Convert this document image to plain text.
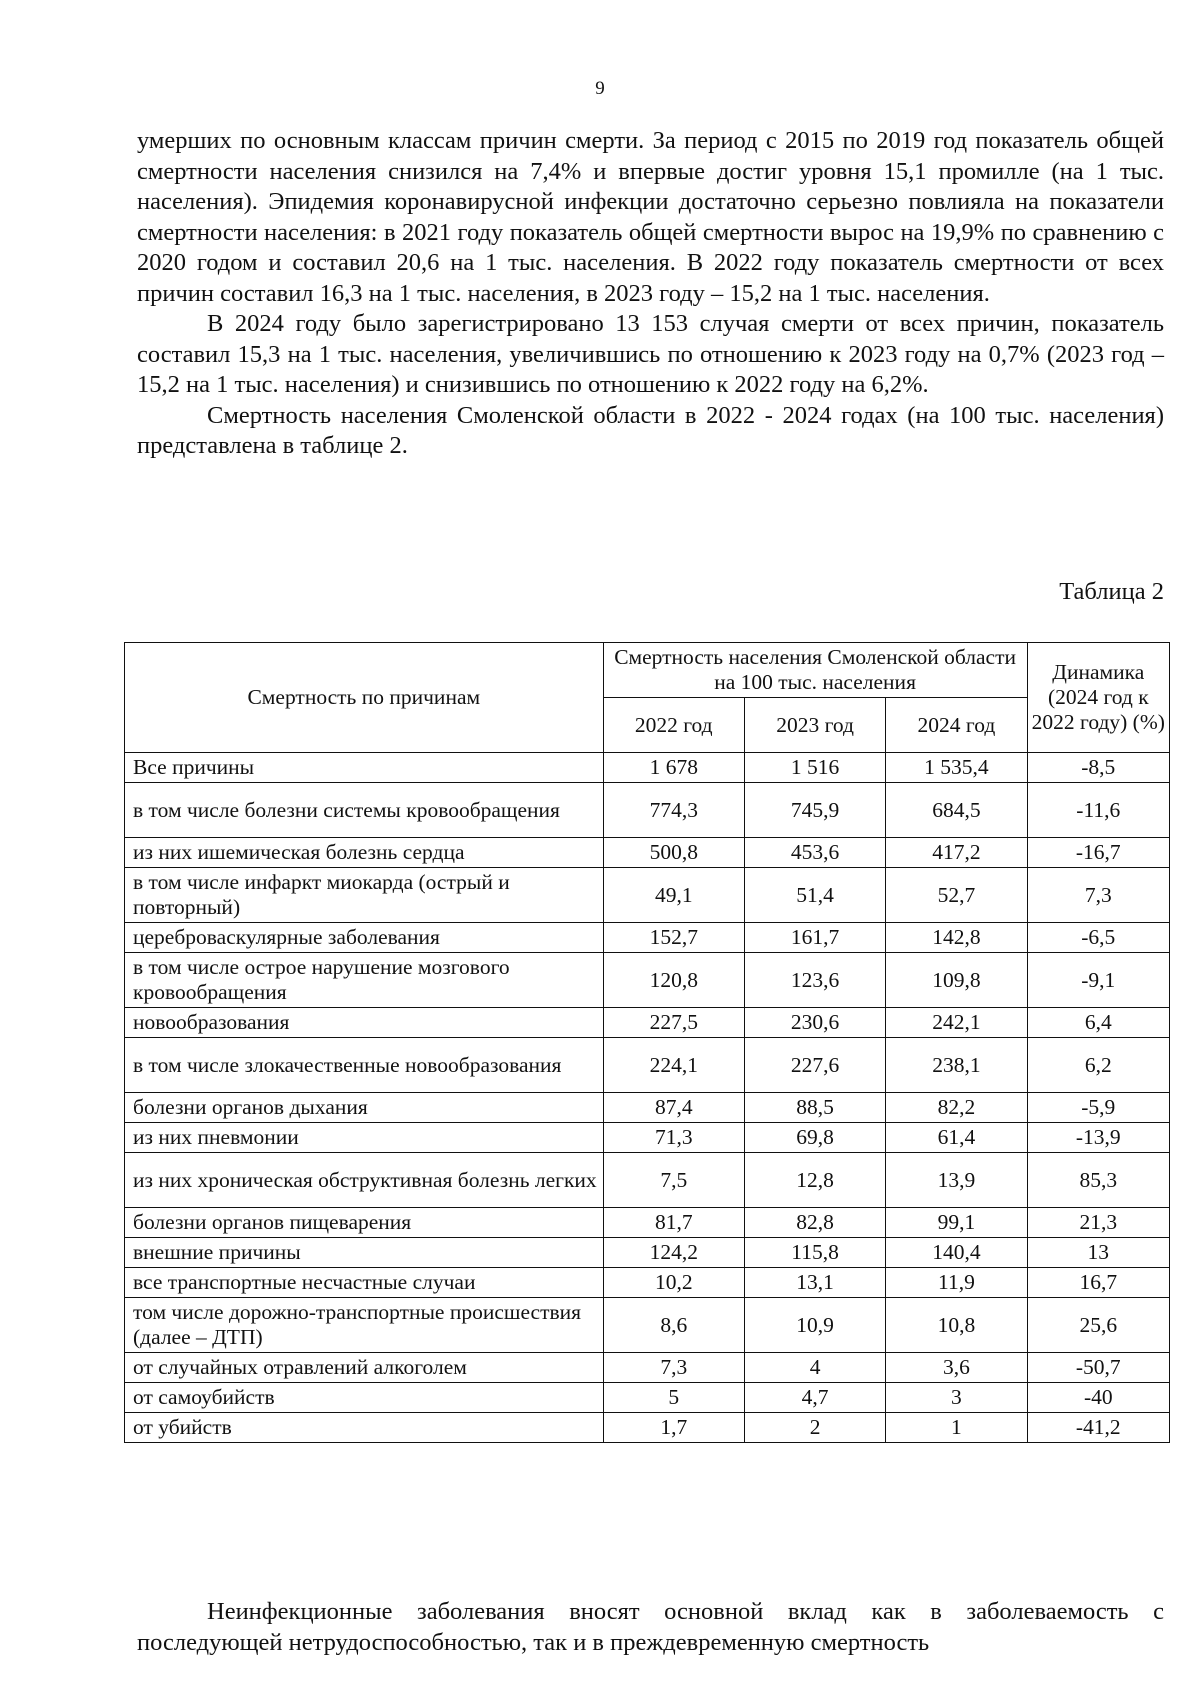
9

умерших по основным классам причин смерти. За период с 2015 по 2019 год показатель общей смертности населения снизился на 7,4% и впервые достиг уровня 15,1 промилле (на 1 тыс. населения). Эпидемия коронавирусной инфекции достаточно серьезно повлияла на показатели смертности населения: в 2021 году показатель общей смертности вырос на 19,9% по сравнению с 2020 годом и составил 20,6 на 1 тыс. населения. В 2022 году показатель смертности от всех причин составил 16,3 на 1 тыс. населения, в 2023 году – 15,2 на 1 тыс. населения.

В 2024 году было зарегистрировано 13 153 случая смерти от всех причин, показатель составил 15,3 на 1 тыс. населения, увеличившись по отношению к 2023 году на 0,7% (2023 год – 15,2 на 1 тыс. населения) и снизившись по отношению к 2022 году на 6,2%.

Смертность населения Смоленской области в 2022 - 2024 годах (на 100 тыс. населения) представлена в таблице 2.

Таблица 2
Смертность по причинам	Смертность населения Смоленской области на 100 тыс. населения			Динамика (2024 год к 2022 году) (%)
	2022 год	2023 год	2024 год	
Все причины	1 678	1 516	1 535,4	-8,5
в том числе болезни системы кровообращения	774,3	745,9	684,5	-11,6
из них ишемическая болезнь сердца	500,8	453,6	417,2	-16,7
в том числе инфаркт миокарда (острый и повторный)	49,1	51,4	52,7	7,3
цереброваскулярные заболевания	152,7	161,7	142,8	-6,5
в том числе острое нарушение мозгового кровообращения	120,8	123,6	109,8	-9,1
новообразования	227,5	230,6	242,1	6,4
в том числе злокачественные новообразования	224,1	227,6	238,1	6,2
болезни органов дыхания	87,4	88,5	82,2	-5,9
из них пневмонии	71,3	69,8	61,4	-13,9
из них хроническая обструктивная болезнь легких	7,5	12,8	13,9	85,3
болезни органов пищеварения	81,7	82,8	99,1	21,3
внешние причины	124,2	115,8	140,4	13
все транспортные несчастные случаи	10,2	13,1	11,9	16,7
том числе дорожно-транспортные происшествия (далее – ДТП)	8,6	10,9	10,8	25,6
от случайных отравлений алкоголем	7,3	4	3,6	-50,7
от самоубийств	5	4,7	3	-40
от убийств	1,7	2	1	-41,2

Неинфекционные заболевания вносят основной вклад как в заболеваемость с последующей нетрудоспособностью, так и в преждевременную смертность
